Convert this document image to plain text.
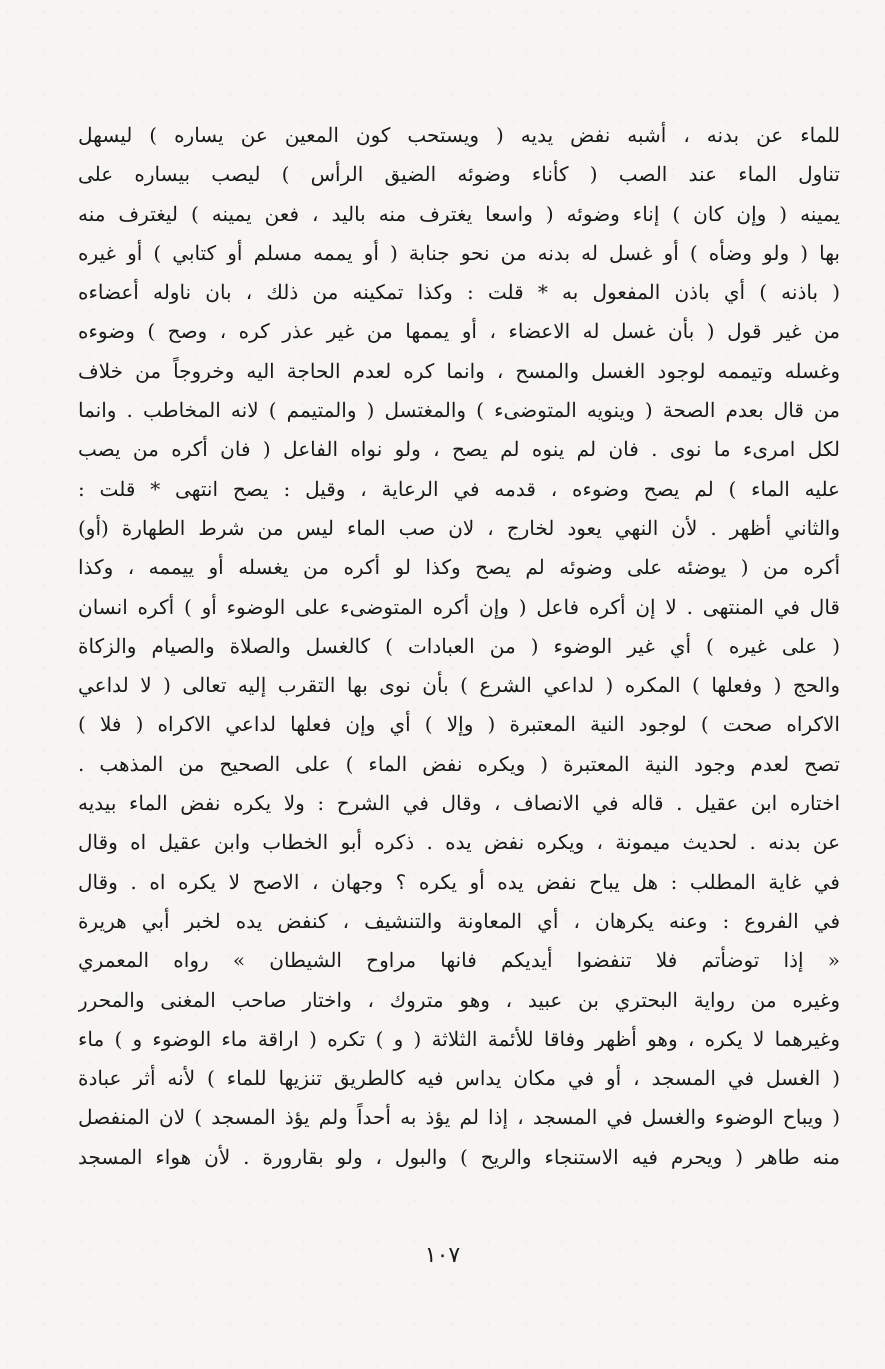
للماء عن بدنه ، أشبه نفض يديه ( ويستحب كون المعين عن يساره ) ليسهل
تناول الماء عند الصب ( كأناء وضوئه الضيق الرأس ) ليصب بيساره على
يمينه ( وإن كان ) إناء وضوئه ( واسعا يغترف منه باليد ، فعن يمينه ) ليغترف منه
بها ( ولو وضأه ) أو غسل له بدنه من نحو جنابة ( أو يممه مسلم أو كتابي ) أو غيره
( باذنه ) أي باذن المفعول به * قلت : وكذا تمكينه من ذلك ، بان ناوله أعضاءه
من غير قول ( بأن غسل له الاعضاء ، أو يممها من غير عذر كره ، وصح ) وضوءه
وغسله وتيممه لوجود الغسل والمسح ، وانما كره لعدم الحاجة اليه وخروجاً من خلاف
من قال بعدم الصحة ( وينويه المتوضىء ) والمغتسل ( والمتيمم ) لانه المخاطب . وانما
لكل امرىء ما نوى . فان لم ينوه لم يصح ، ولو نواه الفاعل ( فان أكره من يصب
عليه الماء ) لم يصح وضوءه ، قدمه في الرعاية ، وقيل : يصح انتهى * قلت :
والثاني أظهر . لأن النهي يعود لخارج ، لان صب الماء ليس من شرط الطهارة (أو)
أكره من ( يوضئه على وضوئه لم يصح وكذا لو أكره من يغسله أو ييممه ، وكذا
قال في المنتهى . لا إن أكره فاعل ( وإن أكره المتوضىء على الوضوء أو ) أكره انسان
( على غيره ) أي غير الوضوء ( من العبادات ) كالغسل والصلاة والصيام والزكاة
والحج ( وفعلها ) المكره ( لداعي الشرع ) بأن نوى بها التقرب إليه تعالى ( لا لداعي
الاكراه صحت ) لوجود النية المعتبرة ( وإلا ) أي وإن فعلها لداعي الاكراه ( فلا )
تصح لعدم وجود النية المعتبرة ( ويكره نفض الماء ) على الصحيح من المذهب .
اختاره ابن عقيل . قاله في الانصاف ، وقال في الشرح : ولا يكره نفض الماء بيديه
عن بدنه . لحديث ميمونة ، ويكره نفض يده . ذكره أبو الخطاب وابن عقيل اه وقال
في غاية المطلب : هل يباح نفض يده أو يكره ؟ وجهان ، الاصح لا يكره اه . وقال
في الفروع : وعنه يكرهان ، أي المعاونة والتنشيف ، كنفض يده لخبر أبي هريرة
« إذا توضأتم فلا تنفضوا أيديكم فانها مراوح الشيطان » رواه المعمري
وغيره من رواية البحتري بن عبيد ، وهو متروك ، واختار صاحب المغنى والمحرر
وغيرهما لا يكره ، وهو أظهر وفاقا للأئمة الثلاثة ( و ) تكره ( اراقة ماء الوضوء و ) ماء
( الغسل في المسجد ، أو في مكان يداس فيه كالطريق تنزيها للماء ) لأنه أثر عبادة
( ويباح الوضوء والغسل في المسجد ، إذا لم يؤذ به أحداً ولم يؤذ المسجد ) لان المنفصل
منه طاهر ( ويحرم فيه الاستنجاء والريح ) والبول ، ولو بقارورة . لأن هواء المسجد
١٠٧
